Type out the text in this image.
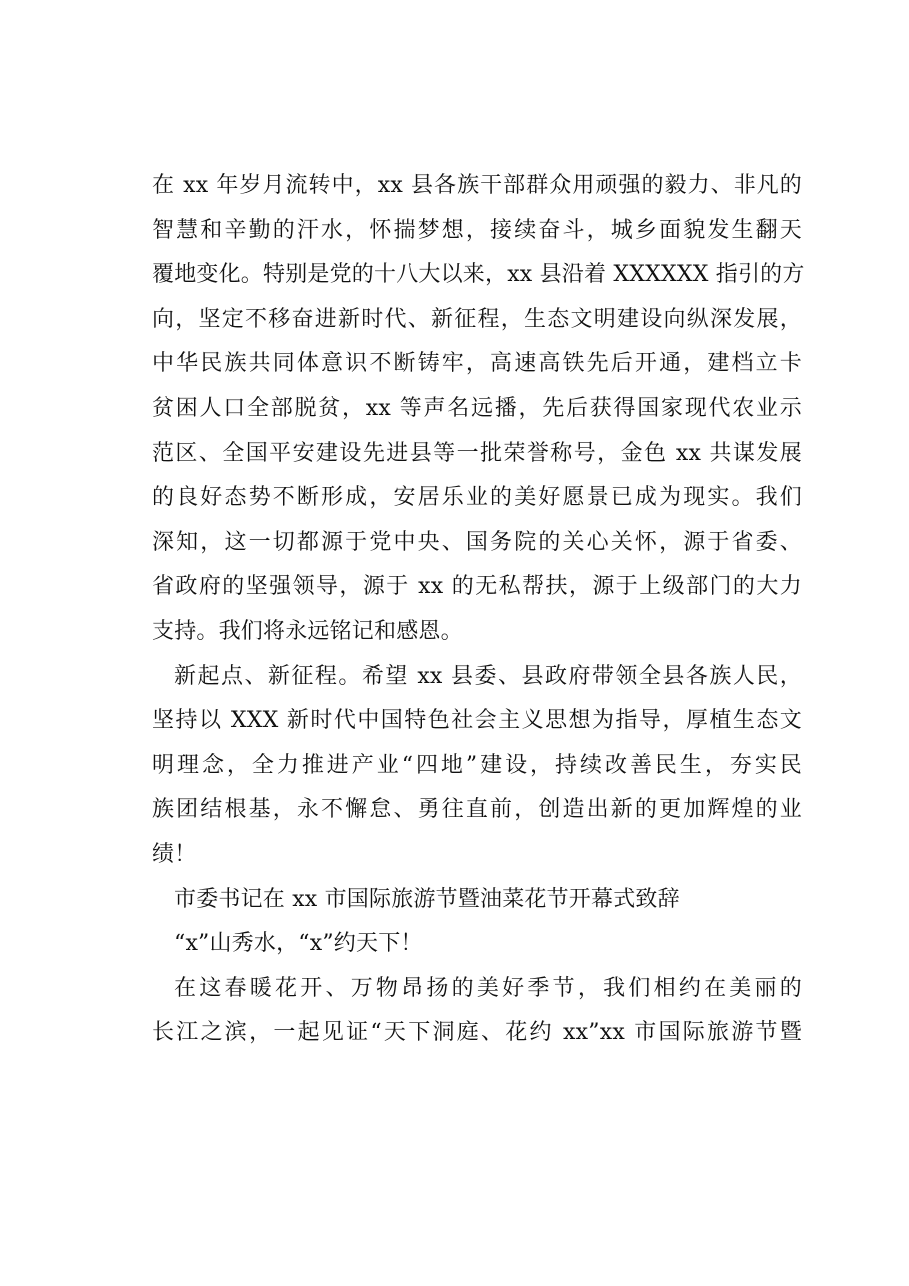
在 xx 年岁月流转中，xx 县各族干部群众用顽强的毅力、非凡的
智慧和辛勤的汗水，怀揣梦想，接续奋斗，城乡面貌发生翻天
覆地变化。特别是党的十八大以来，xx 县沿着 XXXXXX 指引的方
向，坚定不移奋进新时代、新征程，生态文明建设向纵深发展，
中华民族共同体意识不断铸牢，高速高铁先后开通，建档立卡
贫困人口全部脱贫，xx 等声名远播，先后获得国家现代农业示
范区、全国平安建设先进县等一批荣誉称号，金色 xx 共谋发展
的良好态势不断形成，安居乐业的美好愿景已成为现实。我们
深知，这一切都源于党中央、国务院的关心关怀，源于省委、
省政府的坚强领导，源于 xx 的无私帮扶，源于上级部门的大力
支持。我们将永远铭记和感恩。
新起点、新征程。希望 xx 县委、县政府带领全县各族人民，
坚持以 XXX 新时代中国特色社会主义思想为指导，厚植生态文
明理念，全力推进产业“四地”建设，持续改善民生，夯实民
族团结根基，永不懈怠、勇往直前，创造出新的更加辉煌的业
绩！
市委书记在 xx 市国际旅游节暨油菜花节开幕式致辞
“x”山秀水，“x”约天下！
在这春暖花开、万物昂扬的美好季节，我们相约在美丽的
长江之滨，一起见证“天下洞庭、花约 xx”xx 市国际旅游节暨
